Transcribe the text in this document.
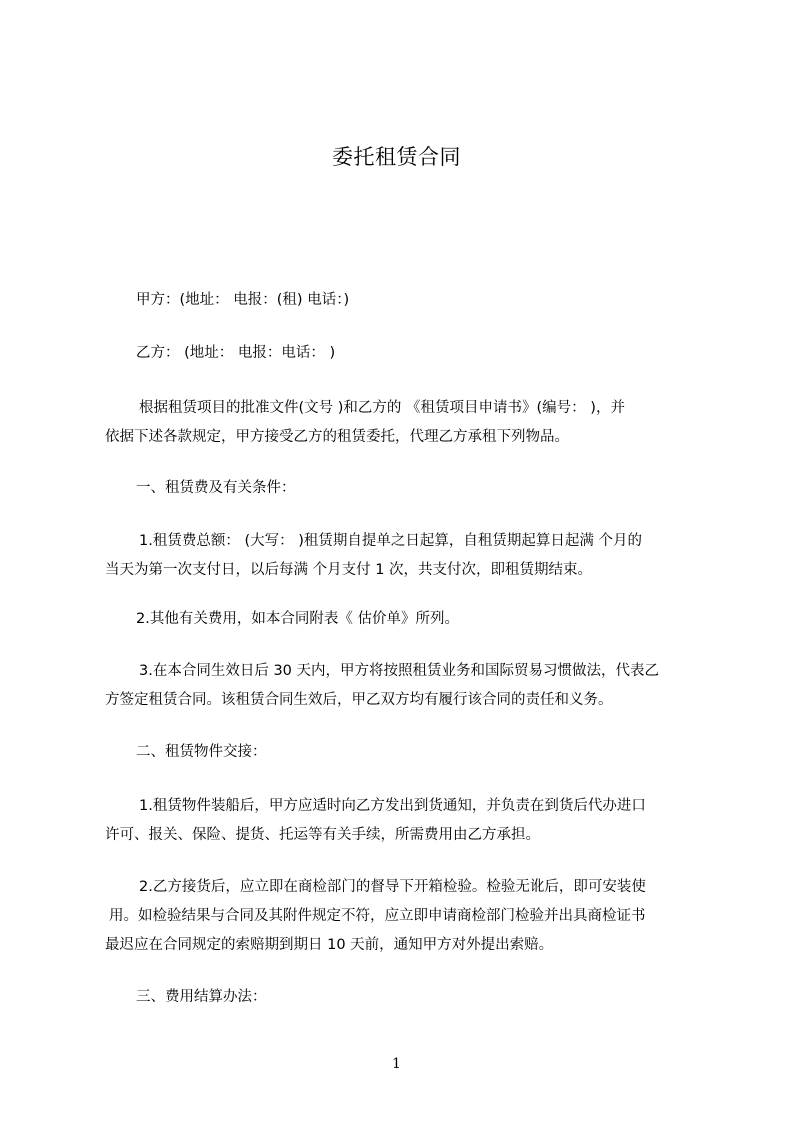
委托租赁合同
甲方：(地址： 电报：(租) 电话：)
乙方： (地址： 电报：电话： )
根据租赁项目的批准文件(文号 )和乙方的 《租赁项目申请书》(编号： )，并
依据下述各款规定，甲方接受乙方的租赁委托，代理乙方承租下列物品。
一、租赁费及有关条件：
1.租赁费总额： (大写： )租赁期自提单之日起算，自租赁期起算日起满 个月的
当天为第一次支付日，以后每满 个月支付 1 次，共支付次，即租赁期结束。
2.其他有关费用，如本合同附表《 估价单》所列。
3.在本合同生效日后 30 天内，甲方将按照租赁业务和国际贸易习惯做法，代表乙
方签定租赁合同。该租赁合同生效后，甲乙双方均有履行该合同的责任和义务。
二、租赁物件交接：
1.租赁物件装船后，甲方应适时向乙方发出到货通知，并负责在到货后代办进口
许可、报关、保险、提货、托运等有关手续，所需费用由乙方承担。
2.乙方接货后，应立即在商检部门的督导下开箱检验。检验无讹后，即可安装使
用。如检验结果与合同及其附件规定不符，应立即申请商检部门检验并出具商检证书
最迟应在合同规定的索赔期到期日 10 天前，通知甲方对外提出索赔。
三、费用结算办法：
1
